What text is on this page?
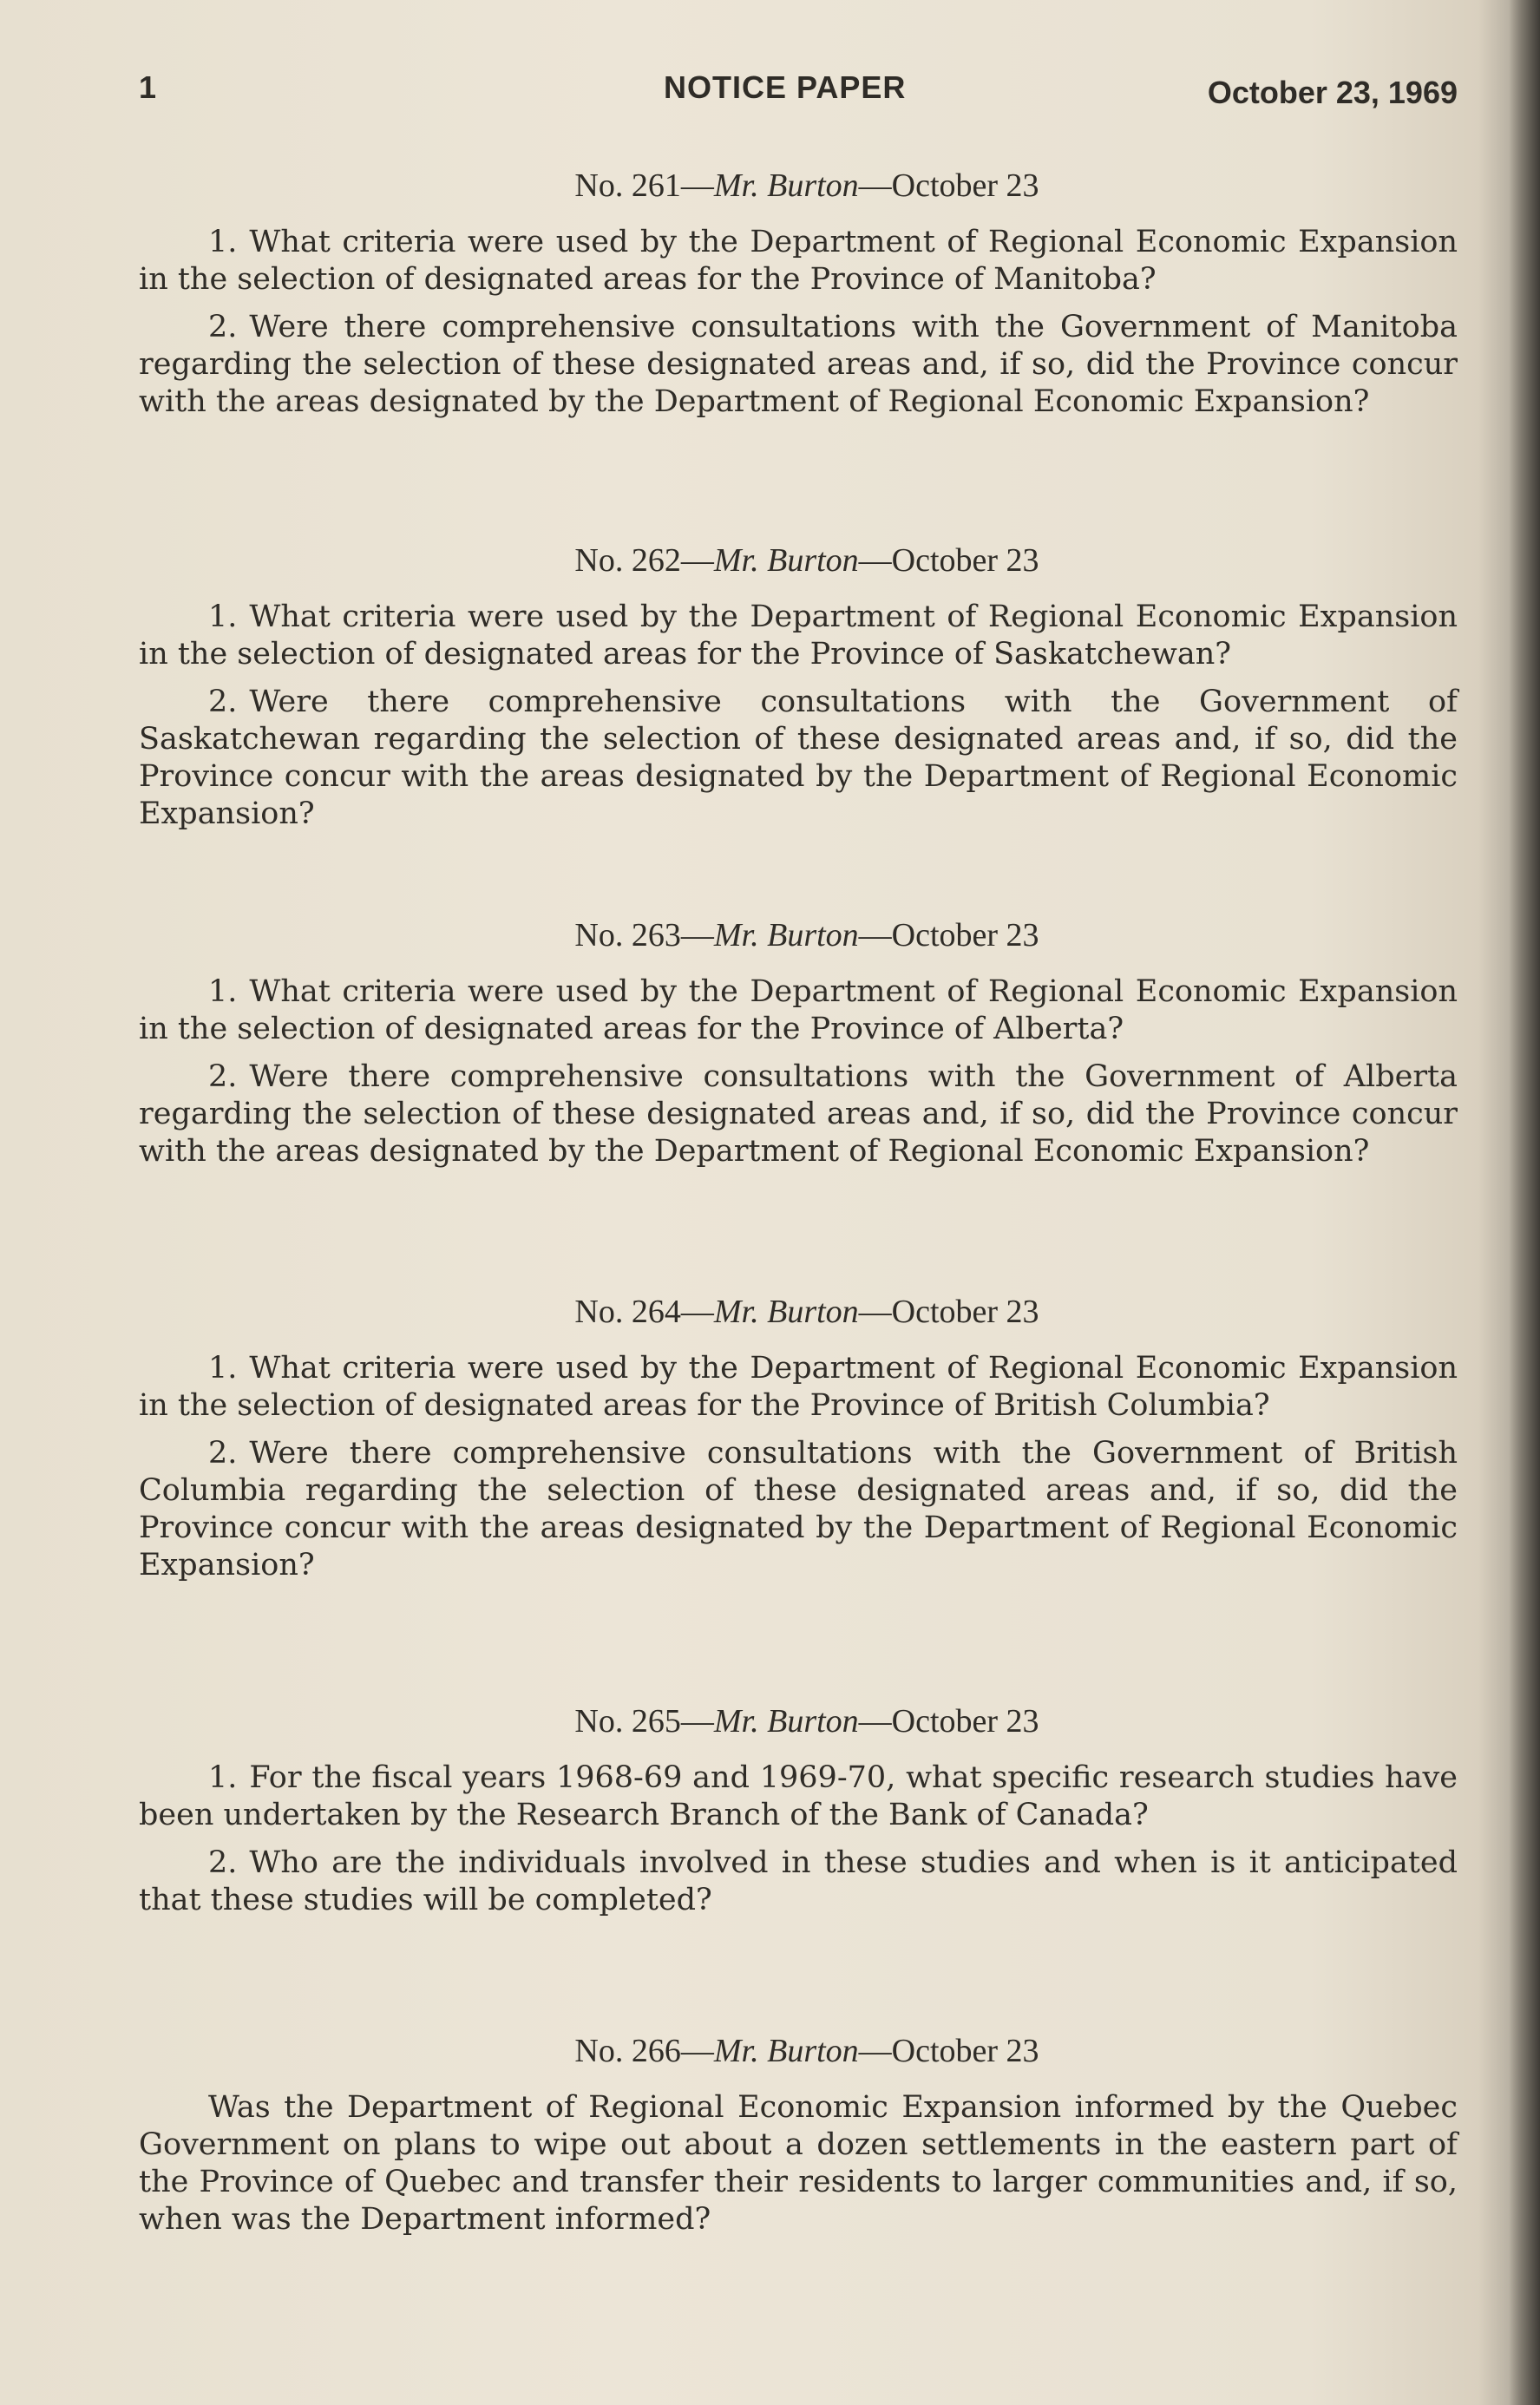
1	NOTICE PAPER	October 23, 1969
No. 261—Mr. Burton—October 23

1. What criteria were used by the Department of Regional Economic Expansion in the selection of designated areas for the Province of Manitoba?

2. Were there comprehensive consultations with the Government of Manitoba regarding the selection of these designated areas and, if so, did the Province concur with the areas designated by the Department of Regional Economic Expansion?

No. 262—Mr. Burton—October 23

1. What criteria were used by the Department of Regional Economic Expansion in the selection of designated areas for the Province of Saskatchewan?

2. Were there comprehensive consultations with the Government of Saskatchewan regarding the selection of these designated areas and, if so, did the Province concur with the areas designated by the Department of Regional Economic Expansion?

No. 263—Mr. Burton—October 23

1. What criteria were used by the Department of Regional Economic Expansion in the selection of designated areas for the Province of Alberta?

2. Were there comprehensive consultations with the Government of Alberta regarding the selection of these designated areas and, if so, did the Province concur with the areas designated by the Department of Regional Economic Expansion?

No. 264—Mr. Burton—October 23

1. What criteria were used by the Department of Regional Economic Expansion in the selection of designated areas for the Province of British Columbia?

2. Were there comprehensive consultations with the Government of British Columbia regarding the selection of these designated areas and, if so, did the Province concur with the areas designated by the Department of Regional Economic Expansion?

No. 265—Mr. Burton—October 23

1. For the fiscal years 1968-69 and 1969-70, what specific research studies have been undertaken by the Research Branch of the Bank of Canada?

2. Who are the individuals involved in these studies and when is it anticipated that these studies will be completed?

No. 266—Mr. Burton—October 23

Was the Department of Regional Economic Expansion informed by the Quebec Government on plans to wipe out about a dozen settlements in the eastern part of the Province of Quebec and transfer their residents to larger communities and, if so, when was the Department informed?
